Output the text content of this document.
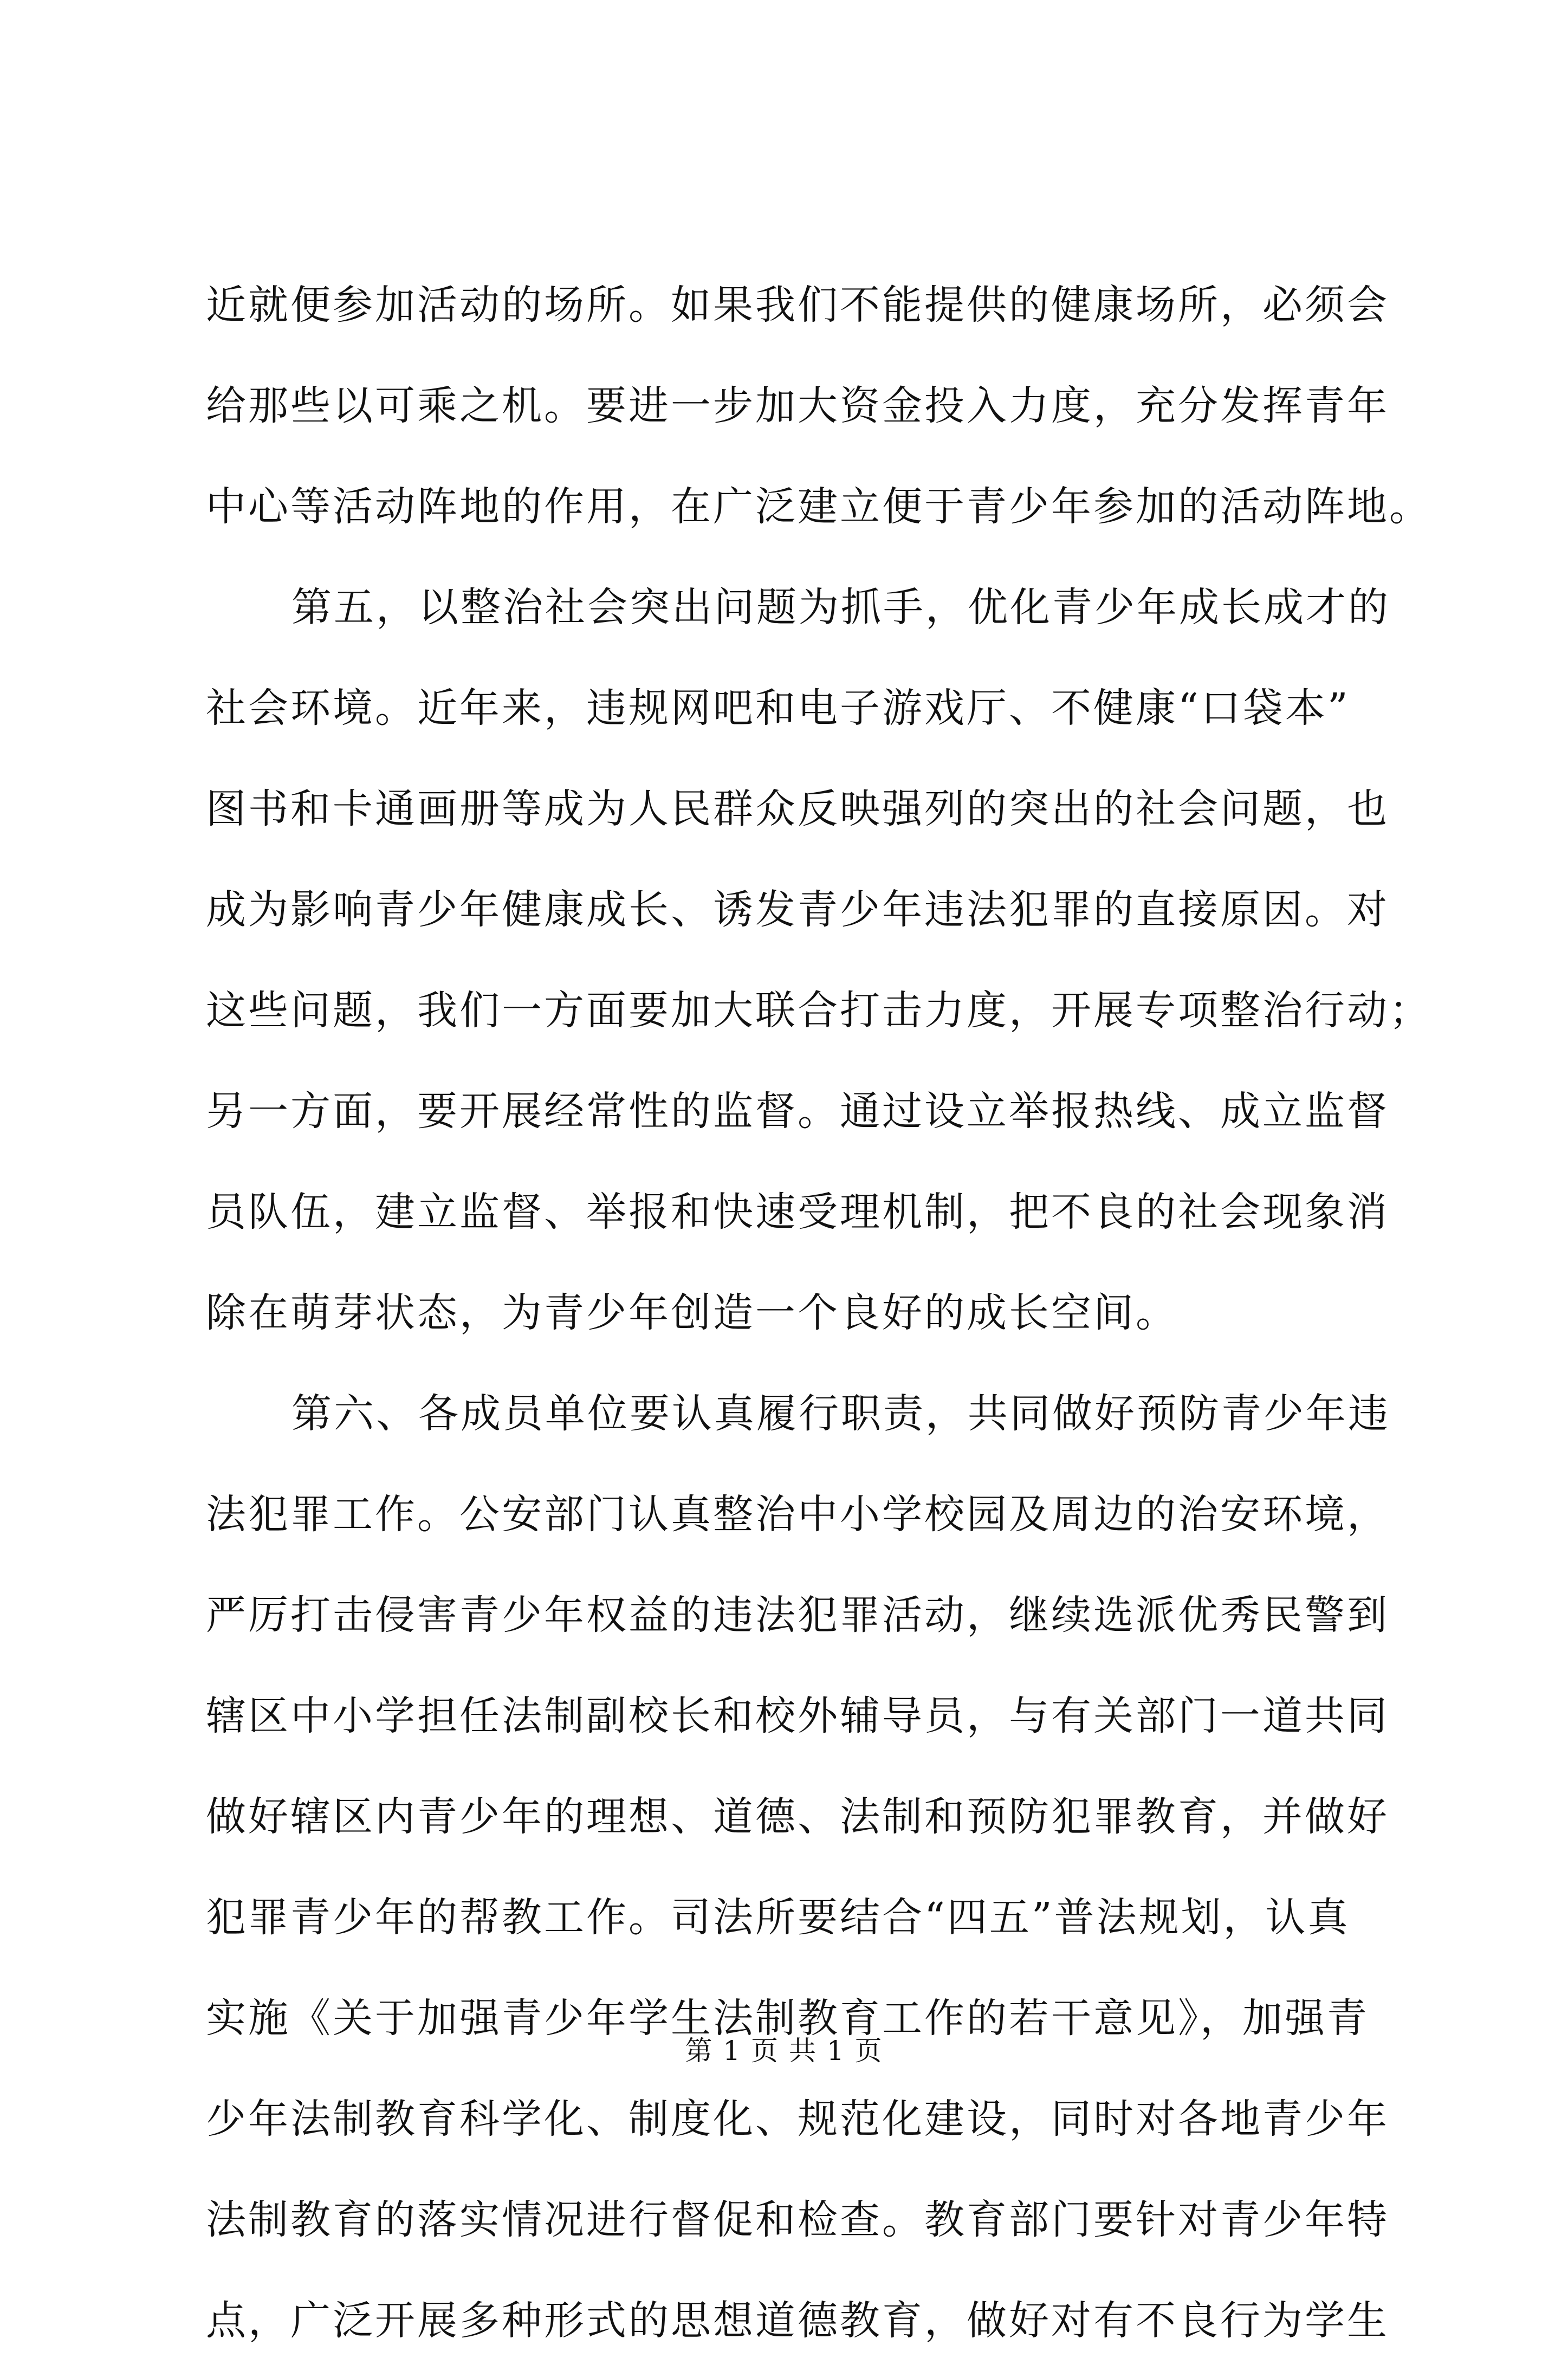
近就便参加活动的场所。如果我们不能提供的健康场所，必须会
给那些以可乘之机。要进一步加大资金投入力度，充分发挥青年
中心等活动阵地的作用，在广泛建立便于青少年参加的活动阵地。
第五，以整治社会突出问题为抓手，优化青少年成长成才的
社会环境。近年来，违规网吧和电子游戏厅、不健康“口袋本”
图书和卡通画册等成为人民群众反映强列的突出的社会问题，也
成为影响青少年健康成长、诱发青少年违法犯罪的直接原因。对
这些问题，我们一方面要加大联合打击力度，开展专项整治行动；
另一方面，要开展经常性的监督。通过设立举报热线、成立监督
员队伍，建立监督、举报和快速受理机制，把不良的社会现象消
除在萌芽状态，为青少年创造一个良好的成长空间。
第六、各成员单位要认真履行职责，共同做好预防青少年违
法犯罪工作。公安部门认真整治中小学校园及周边的治安环境，
严厉打击侵害青少年权益的违法犯罪活动，继续选派优秀民警到
辖区中小学担任法制副校长和校外辅导员，与有关部门一道共同
做好辖区内青少年的理想、道德、法制和预防犯罪教育，并做好
犯罪青少年的帮教工作。司法所要结合“四五”普法规划，认真
实施《关于加强青少年学生法制教育工作的若干意见》，加强青
少年法制教育科学化、制度化、规范化建设，同时对各地青少年
法制教育的落实情况进行督促和检查。教育部门要针对青少年特
点，广泛开展多种形式的思想道德教育，做好对有不良行为学生
第 1 页 共 1 页
